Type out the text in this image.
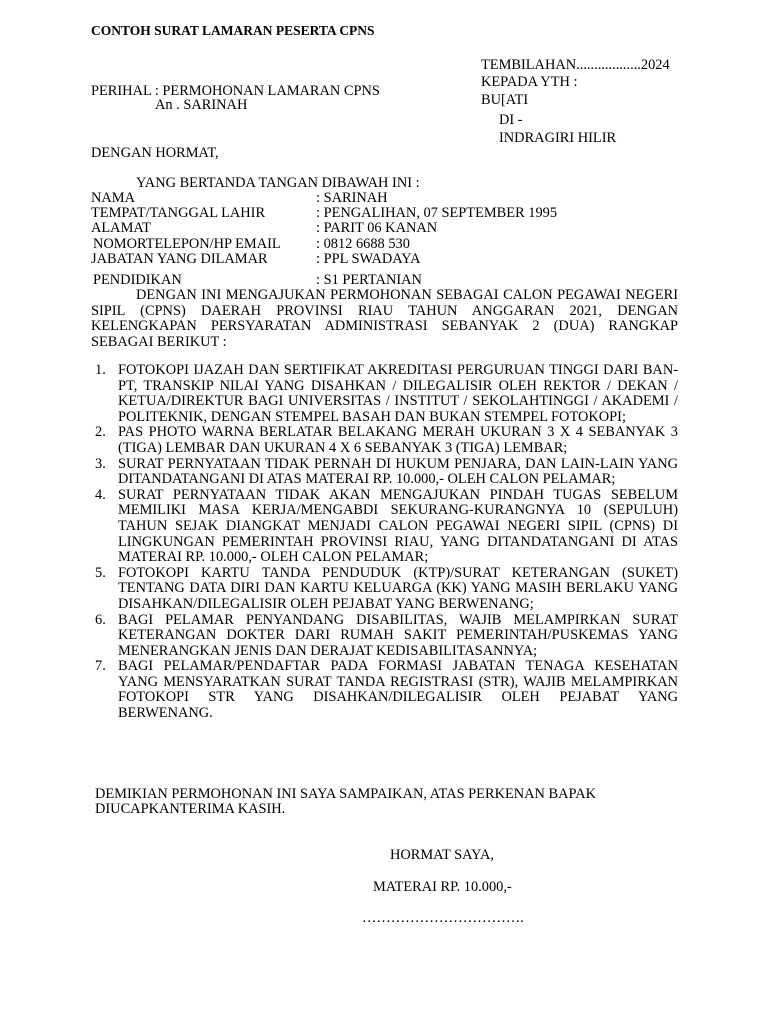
CONTOH SURAT LAMARAN PESERTA CPNS
TEMBILAHAN..................2024
KEPADA YTH :
BU[ATI
DI -
INDRAGIRI HILIR
PERIHAL : PERMOHONAN LAMARAN CPNS
An . SARINAH
DENGAN HORMAT,
YANG BERTANDA TANGAN DIBAWAH INI :
NAMA	: SARINAH
TEMPAT/TANGGAL LAHIR	: PENGALIHAN, 07 SEPTEMBER 1995
ALAMAT	: PARIT 06 KANAN
NOMORTELEPON/HP EMAIL : 0812 6688 530
JABATAN YANG DILAMAR	: PPL SWADAYA
PENDIDIKAN	: S1 PERTANIAN
DENGAN INI MENGAJUKAN PERMOHONAN SEBAGAI CALON PEGAWAI NEGERI SIPIL (CPNS) DAERAH PROVINSI RIAU TAHUN ANGGARAN 2021, DENGAN KELENGKAPAN PERSYARATAN ADMINISTRASI SEBANYAK 2 (DUA) RANGKAP SEBAGAI BERIKUT :
1. FOTOKOPI IJAZAH DAN SERTIFIKAT AKREDITASI PERGURUAN TINGGI DARI BAN-PT, TRANSKIP NILAI YANG DISAHKAN / DILEGALISIR OLEH REKTOR / DEKAN / KETUA/DIREKTUR BAGI UNIVERSITAS / INSTITUT / SEKOLAHTINGGI / AKADEMI / POLITEKNIK, DENGAN STEMPEL BASAH DAN BUKAN STEMPEL FOTOKOPI;
2. PAS PHOTO WARNA BERLATAR BELAKANG MERAH UKURAN 3 X 4 SEBANYAK 3 (TIGA) LEMBAR DAN UKURAN 4 X 6 SEBANYAK 3 (TIGA) LEMBAR;
3. SURAT PERNYATAAN TIDAK PERNAH DI HUKUM PENJARA, DAN LAIN-LAIN YANG DITANDATANGANI DI ATAS MATERAI RP. 10.000,- OLEH CALON PELAMAR;
4. SURAT PERNYATAAN TIDAK AKAN MENGAJUKAN PINDAH TUGAS SEBELUM MEMILIKI MASA KERJA/MENGABDI SEKURANG-KURANGNYA 10 (SEPULUH) TAHUN SEJAK DIANGKAT MENJADI CALON PEGAWAI NEGERI SIPIL (CPNS) DI LINGKUNGAN PEMERINTAH PROVINSI RIAU, YANG DITANDATANGANI DI ATAS MATERAI RP. 10.000,- OLEH CALON PELAMAR;
5. FOTOKOPI KARTU TANDA PENDUDUK (KTP)/SURAT KETERANGAN (SUKET) TENTANG DATA DIRI DAN KARTU KELUARGA (KK) YANG MASIH BERLAKU YANG DISAHKAN/DILEGALISIR OLEH PEJABAT YANG BERWENANG;
6. BAGI PELAMAR PENYANDANG DISABILITAS, WAJIB MELAMPIRKAN SURAT KETERANGAN DOKTER DARI RUMAH SAKIT PEMERINTAH/PUSKEMAS YANG MENERANGKAN JENIS DAN DERAJAT KEDISABILITASANNYA;
7. BAGI PELAMAR/PENDAFTAR PADA FORMASI JABATAN TENAGA KESEHATAN YANG MENSYARATKAN SURAT TANDA REGISTRASI (STR), WAJIB MELAMPIRKAN FOTOKOPI STR YANG DISAHKAN/DILEGALISIR OLEH PEJABAT YANG BERWENANG.
DEMIKIAN PERMOHONAN INI SAYA SAMPAIKAN, ATAS PERKENAN BAPAK
DIUCAPKANTERIMA KASIH.
HORMAT SAYA,
MATERAI RP. 10.000,-
…………………………….
